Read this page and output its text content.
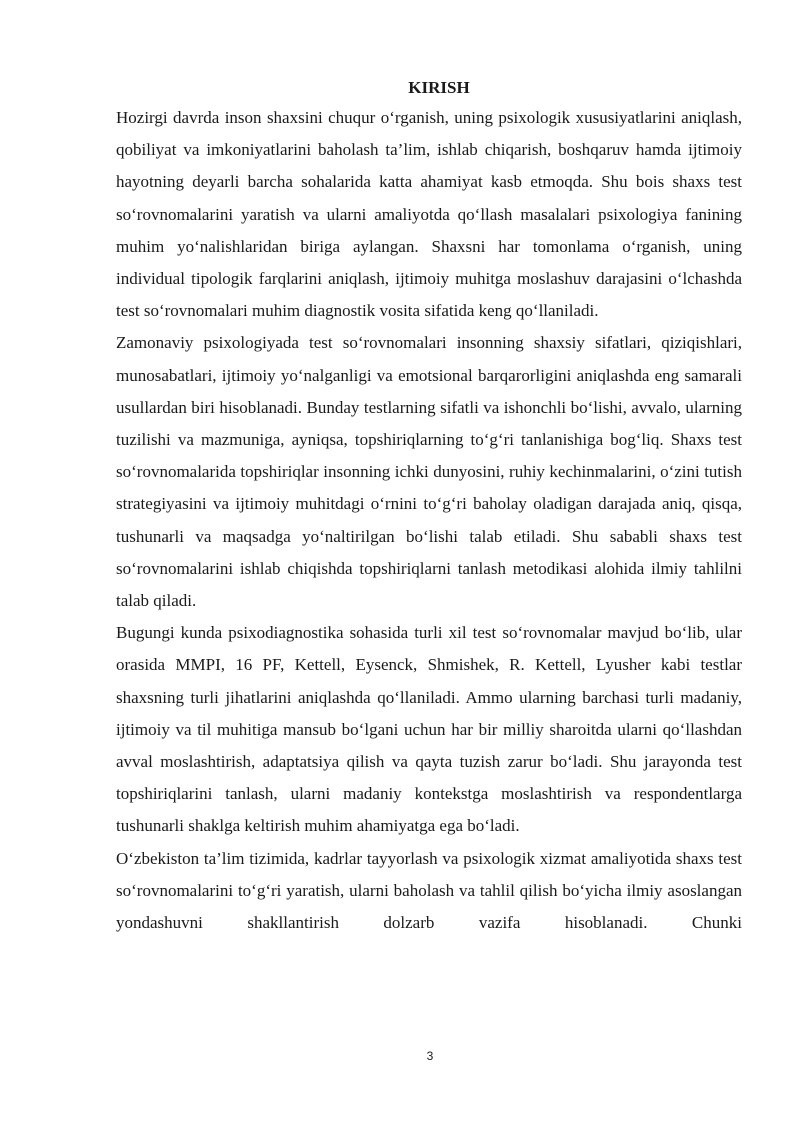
KIRISH

Hozirgi davrda inson shaxsini chuqur o‘rganish, uning psixologik xususiyatlarini aniqlash, qobiliyat va imkoniyatlarini baholash ta’lim, ishlab chiqarish, boshqaruv hamda ijtimoiy hayotning deyarli barcha sohalarida katta ahamiyat kasb etmoqda. Shu bois shaxs test so‘rovnomalarini yaratish va ularni amaliyotda qo‘llash masalalari psixologiya fanining muhim yo‘nalishlaridan biriga aylangan. Shaxsni har tomonlama o‘rganish, uning individual tipologik farqlarini aniqlash, ijtimoiy muhitga moslashuv darajasini o‘lchashda test so‘rovnomalari muhim diagnostik vosita sifatida keng qo‘llaniladi.

Zamonaviy psixologiyada test so‘rovnomalari insonning shaxsiy sifatlari, qiziqishlari, munosabatlari, ijtimoiy yo‘nalganligi va emotsional barqarorligini aniqlashda eng samarali usullardan biri hisoblanadi. Bunday testlarning sifatli va ishonchli bo‘lishi, avvalo, ularning tuzilishi va mazmuniga, ayniqsa, topshiriqlarning to‘g‘ri tanlanishiga bog‘liq. Shaxs test so‘rovnomalarida topshiriqlar insonning ichki dunyosini, ruhiy kechinmalarini, o‘zini tutish strategiyasini va ijtimoiy muhitdagi o‘rnini to‘g‘ri baholay oladigan darajada aniq, qisqa, tushunarli va maqsadga yo‘naltirilgan bo‘lishi talab etiladi. Shu sababli shaxs test so‘rovnomalarini ishlab chiqishda topshiriqlarni tanlash metodikasi alohida ilmiy tahlilni talab qiladi.

Bugungi kunda psixodiagnostika sohasida turli xil test so‘rovnomalar mavjud bo‘lib, ular orasida MMPI, 16 PF, Kettell, Eysenck, Shmishek, R. Kettell, Lyusher kabi testlar shaxsning turli jihatlarini aniqlashda qo‘llaniladi. Ammo ularning barchasi turli madaniy, ijtimoiy va til muhitiga mansub bo‘lgani uchun har bir milliy sharoitda ularni qo‘llashdan avval moslashtirish, adaptatsiya qilish va qayta tuzish zarur bo‘ladi. Shu jarayonda test topshiriqlarini tanlash, ularni madaniy kontekstga moslashtirish va respondentlarga tushunarli shaklga keltirish muhim ahamiyatga ega bo‘ladi.

O‘zbekiston ta’lim tizimida, kadrlar tayyorlash va psixologik xizmat amaliyotida shaxs test so‘rovnomalarini to‘g‘ri yaratish, ularni baholash va tahlil qilish bo‘yicha ilmiy asoslangan yondashuvni shakllantirish dolzarb vazifa hisoblanadi. Chunki

3
